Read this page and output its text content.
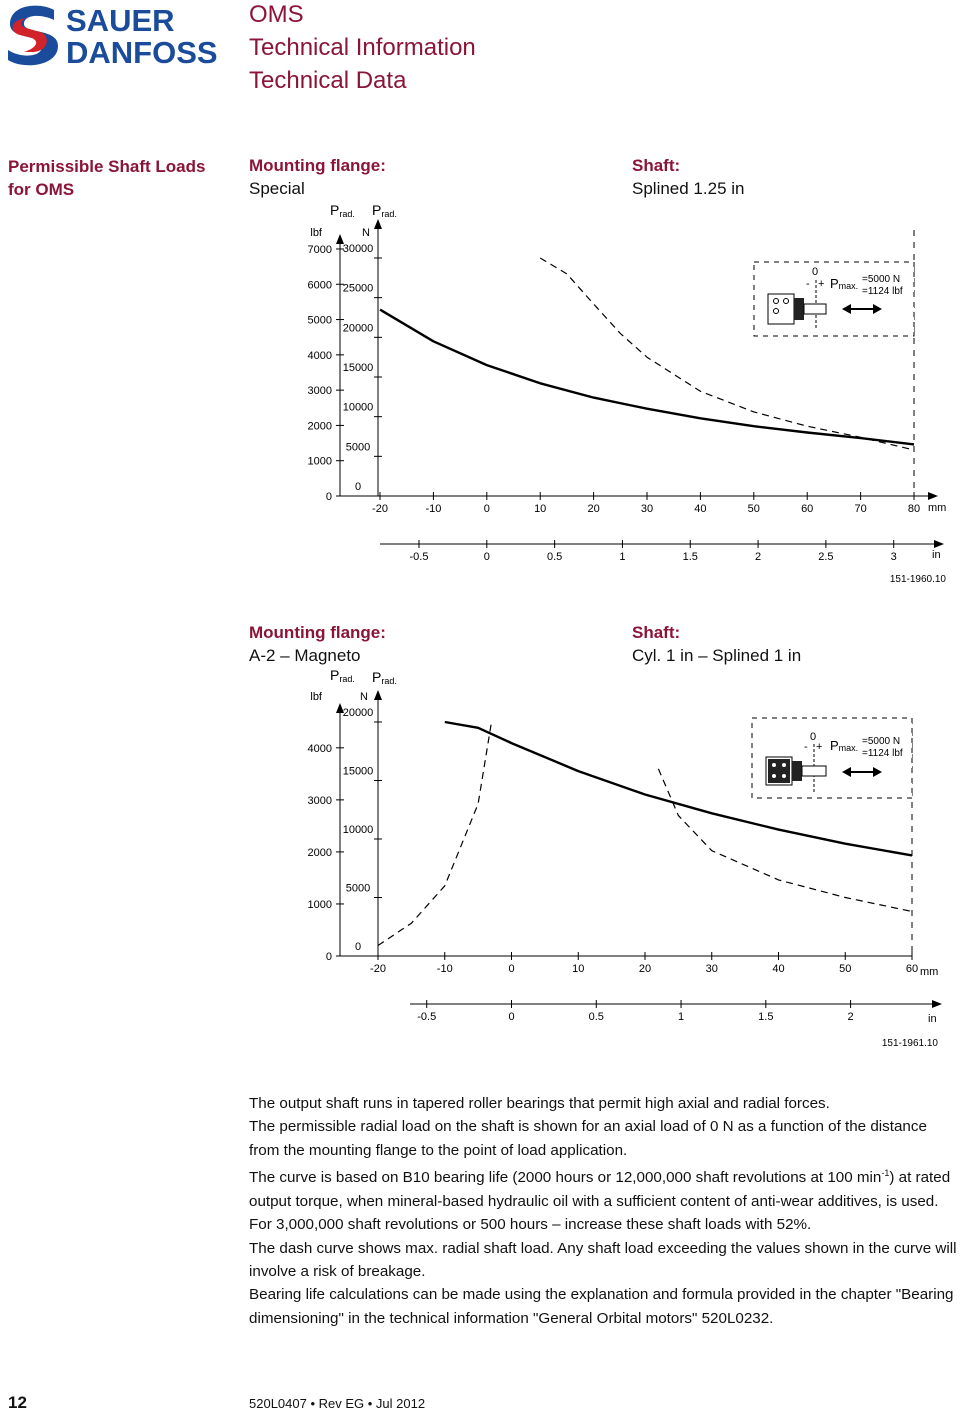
SAUER
DANFOSS
OMS
Technical Information
Technical Data
Permissible Shaft Loads
for OMS
Mounting flange:
Special
Shaft:
Splined 1.25 in
Prad. Prad.
lbf	N
7000
6000
5000
4000
3000
2000
1000
0
30000
25000
20000
15000
10000
5000
0
-20	-10	0	10	20	30	40	50	60	70	80
-0.5	0	0.5	1	1.5	2	2.5	3
mm
in
151-1960.10
0
- + Pmax.
=5000 N
=1124 lbf
Mounting flange:
A-2 – Magneto
Shaft:
Cyl. 1 in – Splined 1 in
Prad. Prad.
lbf	N
4000
3000
2000
1000
0
20000
15000
10000
5000
0
-20	-10	0	10	20	30	40	50	60
-0.5	0	0.5	1	1.5	2
mm
in
151-1961.10
0
- + Pmax.
=5000 N
=1124 lbf

The output shaft runs in tapered roller bearings that permit high axial and radial forces.

The permissible radial load on the shaft is shown for an axial load of 0 N as a function of the distance from the mounting flange to the point of load application.

The curve is based on B10 bearing life (2000 hours or 12,000,000 shaft revolutions at 100 $\min^{-1}$) at rated output torque, when mineral-based hydraulic oil with a sufficient content of anti-wear additives, is used.

For 3,000,000 shaft revolutions or 500 hours – increase these shaft loads with 52%.

The dash curve shows max. radial shaft load. Any shaft load exceeding the values shown in the curve will involve a risk of breakage.

Bearing life calculations can be made using the explanation and formula provided in the chapter "Bearing dimensioning" in the technical information "General Orbital motors" 520L0232.

12	520L0407 • Rev EG • Jul 2012
